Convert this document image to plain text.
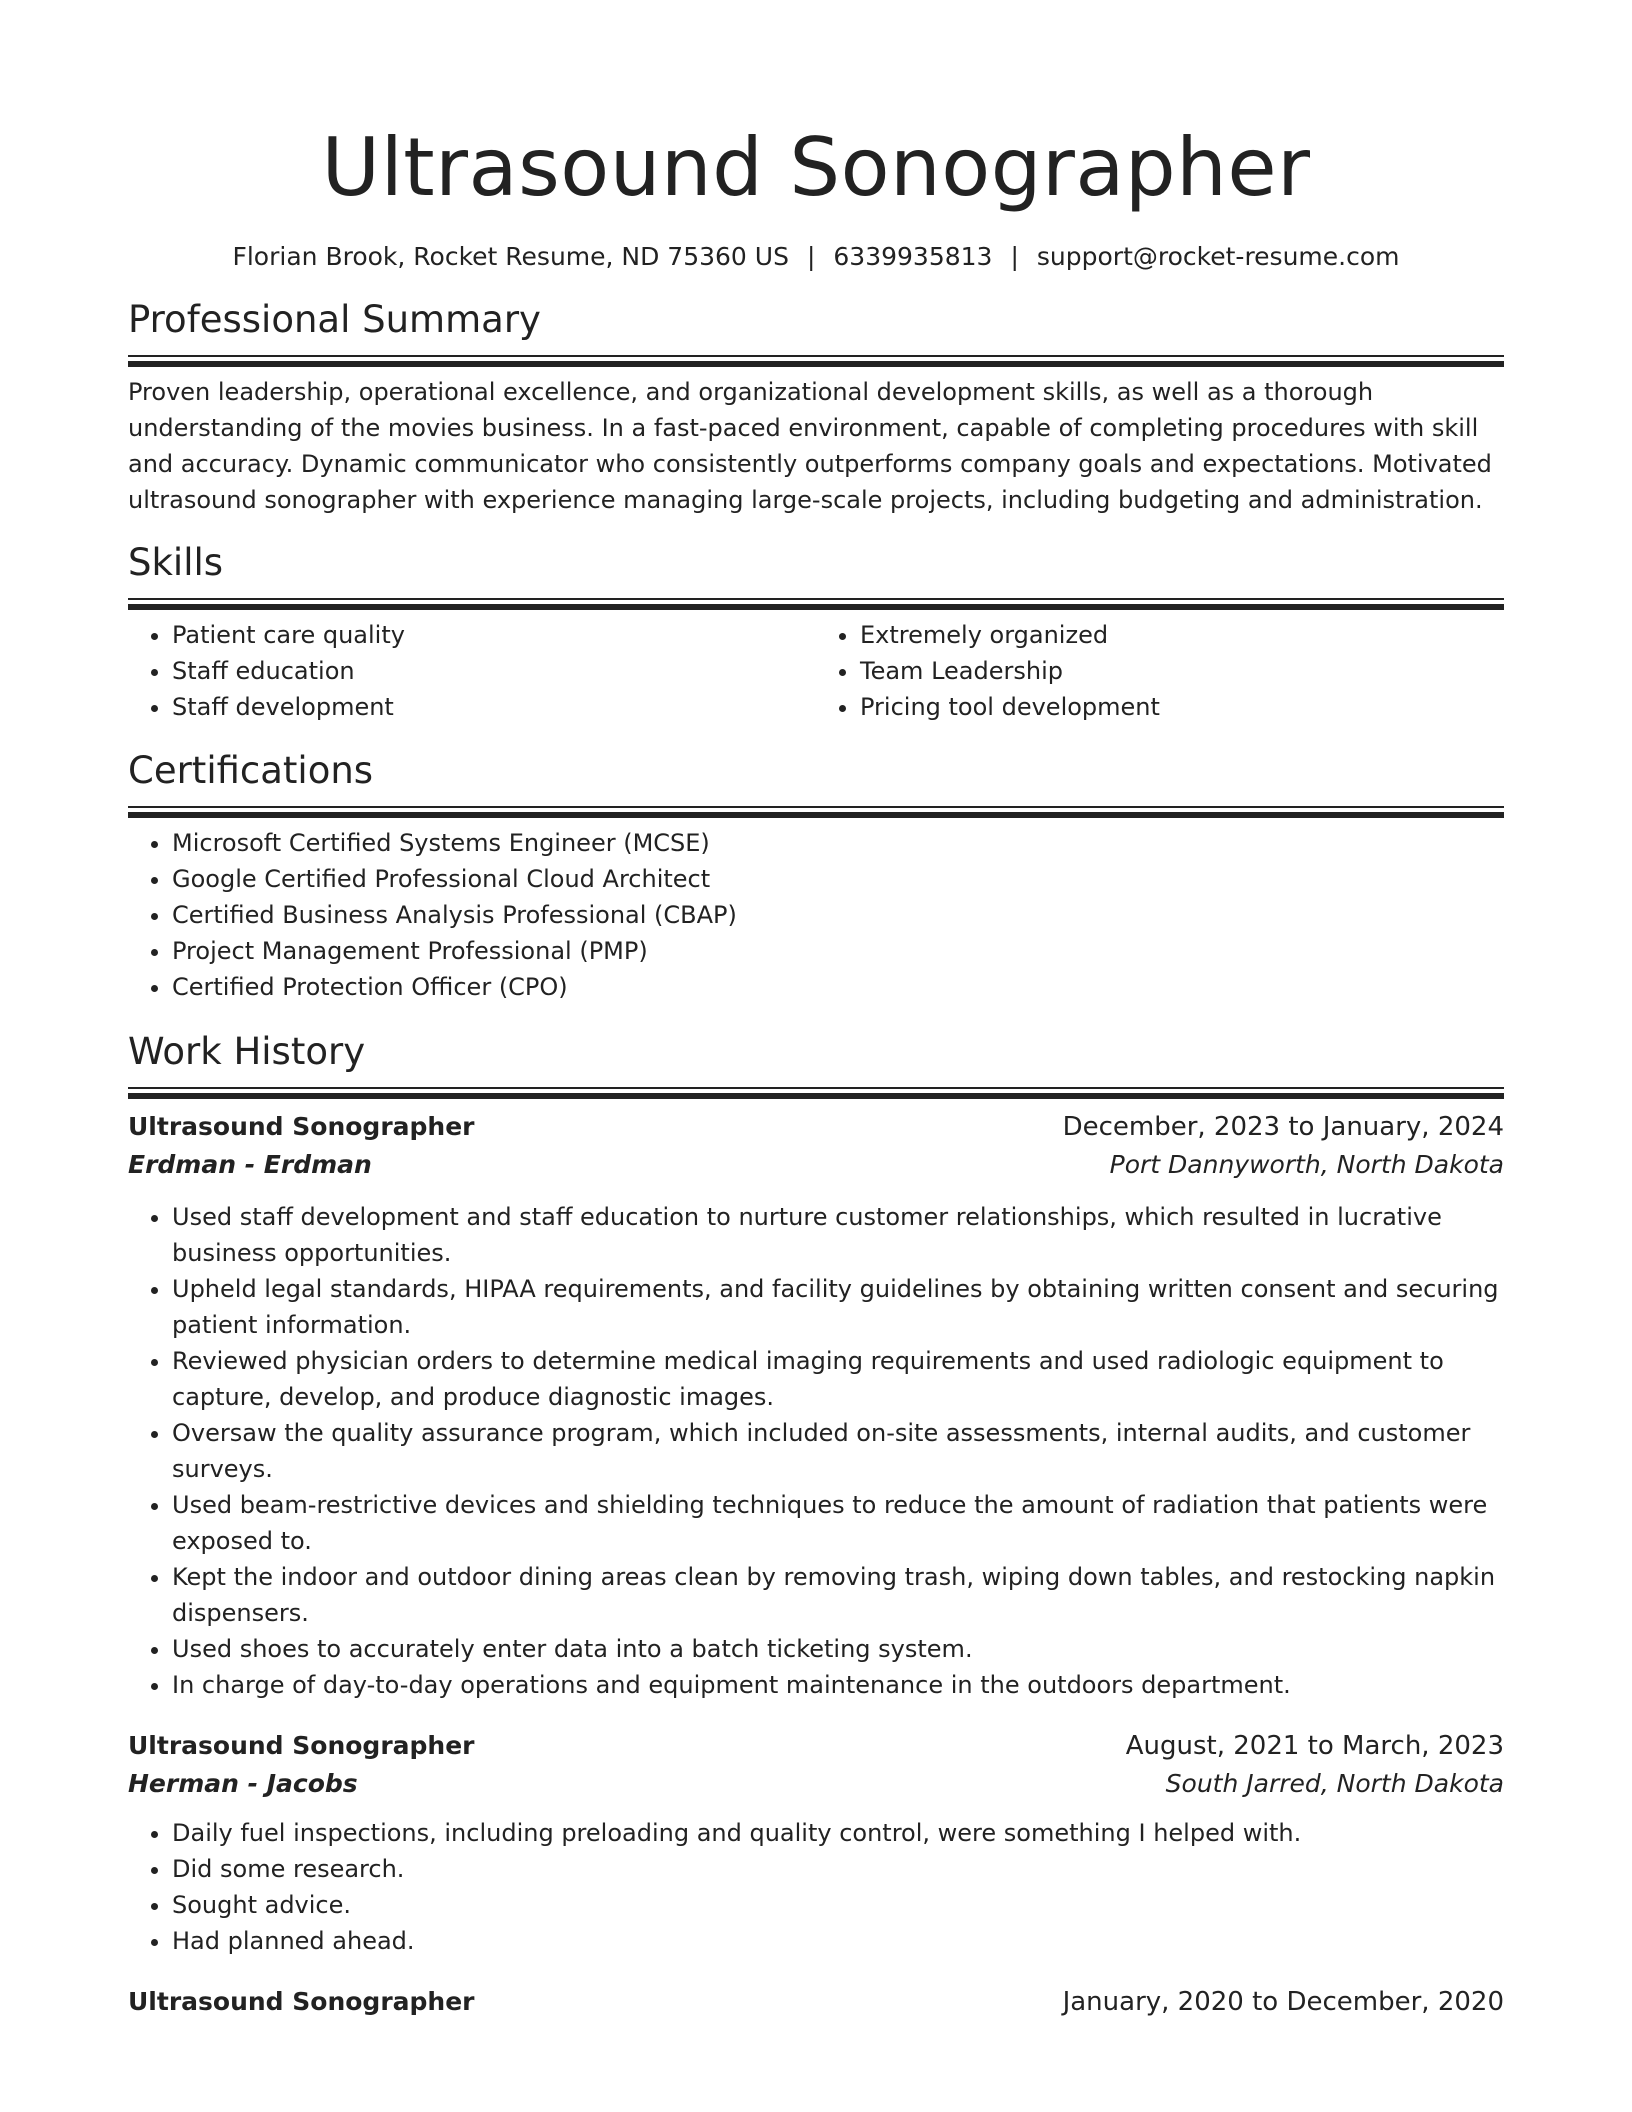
Ultrasound Sonographer
Florian Brook, Rocket Resume, ND 75360 US | 6339935813 | support@rocket-resume.com
Professional Summary

Proven leadership, operational excellence, and organizational development skills, as well as a thorough understanding of the movies business. In a fast-paced environment, capable of completing procedures with skill and accuracy. Dynamic communicator who consistently outperforms company goals and expectations. Motivated ultrasound sonographer with experience managing large-scale projects, including budgeting and administration.

Skills
• Patient care quality
• Staff education
• Staff development
• Extremely organized
• Team Leadership
• Pricing tool development
Certifications
• Microsoft Certified Systems Engineer (MCSE)
• Google Certified Professional Cloud Architect
• Certified Business Analysis Professional (CBAP)
• Project Management Professional (PMP)
• Certified Protection Officer (CPO)
Work History
Ultrasound Sonographer	December, 2023 to January, 2024
Erdman - Erdman	Port Dannyworth, North Dakota
• Used staff development and staff education to nurture customer relationships, which resulted in lucrative business opportunities.
• Upheld legal standards, HIPAA requirements, and facility guidelines by obtaining written consent and securing patient information.
• Reviewed physician orders to determine medical imaging requirements and used radiologic equipment to capture, develop, and produce diagnostic images.
• Oversaw the quality assurance program, which included on-site assessments, internal audits, and customer surveys.
• Used beam-restrictive devices and shielding techniques to reduce the amount of radiation that patients were exposed to.
• Kept the indoor and outdoor dining areas clean by removing trash, wiping down tables, and restocking napkin dispensers.
• Used shoes to accurately enter data into a batch ticketing system.
• In charge of day-to-day operations and equipment maintenance in the outdoors department.
Ultrasound Sonographer	August, 2021 to March, 2023
Herman - Jacobs	South Jarred, North Dakota
• Daily fuel inspections, including preloading and quality control, were something I helped with.
• Did some research.
• Sought advice.
• Had planned ahead.
Ultrasound Sonographer	January, 2020 to December, 2020
